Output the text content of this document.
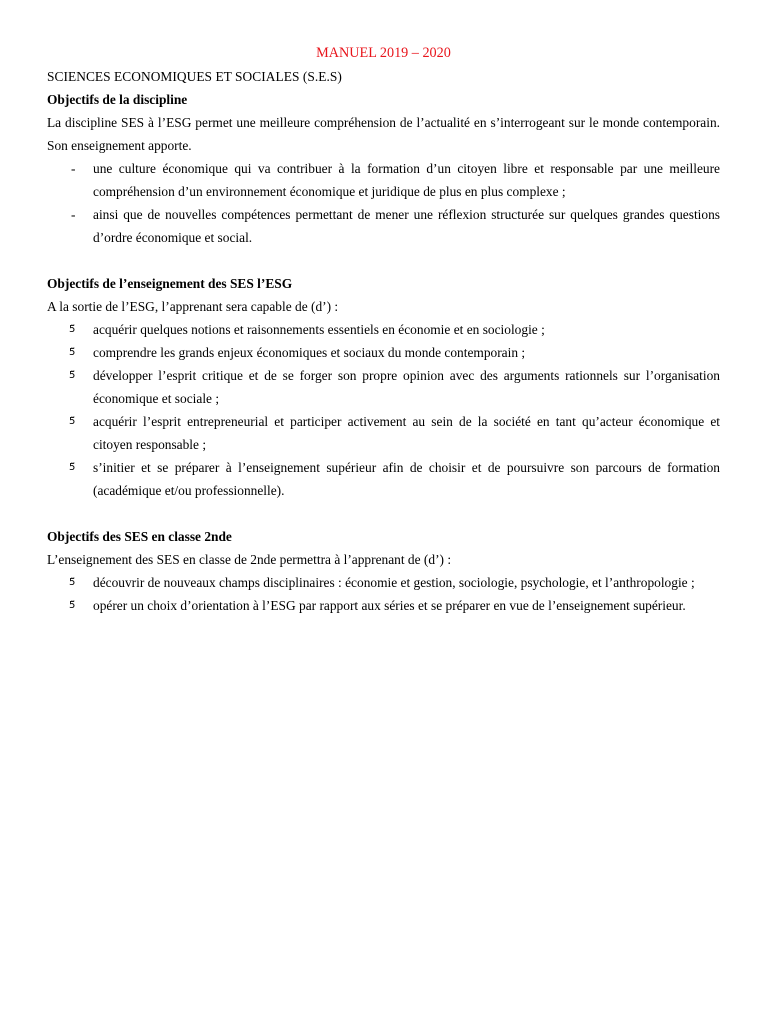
MANUEL 2019 – 2020

SCIENCES ECONOMIQUES ET SOCIALES (S.E.S)

Objectifs de la discipline

La discipline SES à l’ESG permet une meilleure compréhension de l’actualité en s’interrogeant sur le monde contemporain. Son enseignement apporte.

-	une culture économique qui va contribuer à la formation d’un citoyen libre et responsable par une meilleure compréhension d’un environnement économique et juridique de plus en plus complexe ;
-	ainsi que de nouvelles compétences permettant de mener une réflexion structurée sur quelques grandes questions d’ordre économique et social.

Objectifs de l’enseignement des SES l’ESG

A la sortie de l’ESG, l’apprenant sera capable de (d’) :

5̈	acquérir quelques notions et raisonnements essentiels en économie et en sociologie ;
5̈	comprendre les grands enjeux économiques et sociaux du monde contemporain ;
5̈	développer l’esprit critique et de se forger son propre opinion avec des arguments rationnels sur l’organisation économique et sociale ;
5̈	acquérir l’esprit entrepreneurial et participer activement au sein de la société en tant qu’acteur économique et citoyen responsable ;
5̈	s’initier et se préparer à l’enseignement supérieur afin de choisir et de poursuivre son parcours de formation (académique et/ou professionnelle).

Objectifs des SES en classe 2nde

L’enseignement des SES en classe de 2nde permettra à l’apprenant de (d’) :

5̈	découvrir de nouveaux champs disciplinaires : économie et gestion, sociologie, psychologie, et l’anthropologie ;
5̈	opérer un choix d’orientation à l’ESG par rapport aux séries et se préparer en vue de l’enseignement supérieur.
